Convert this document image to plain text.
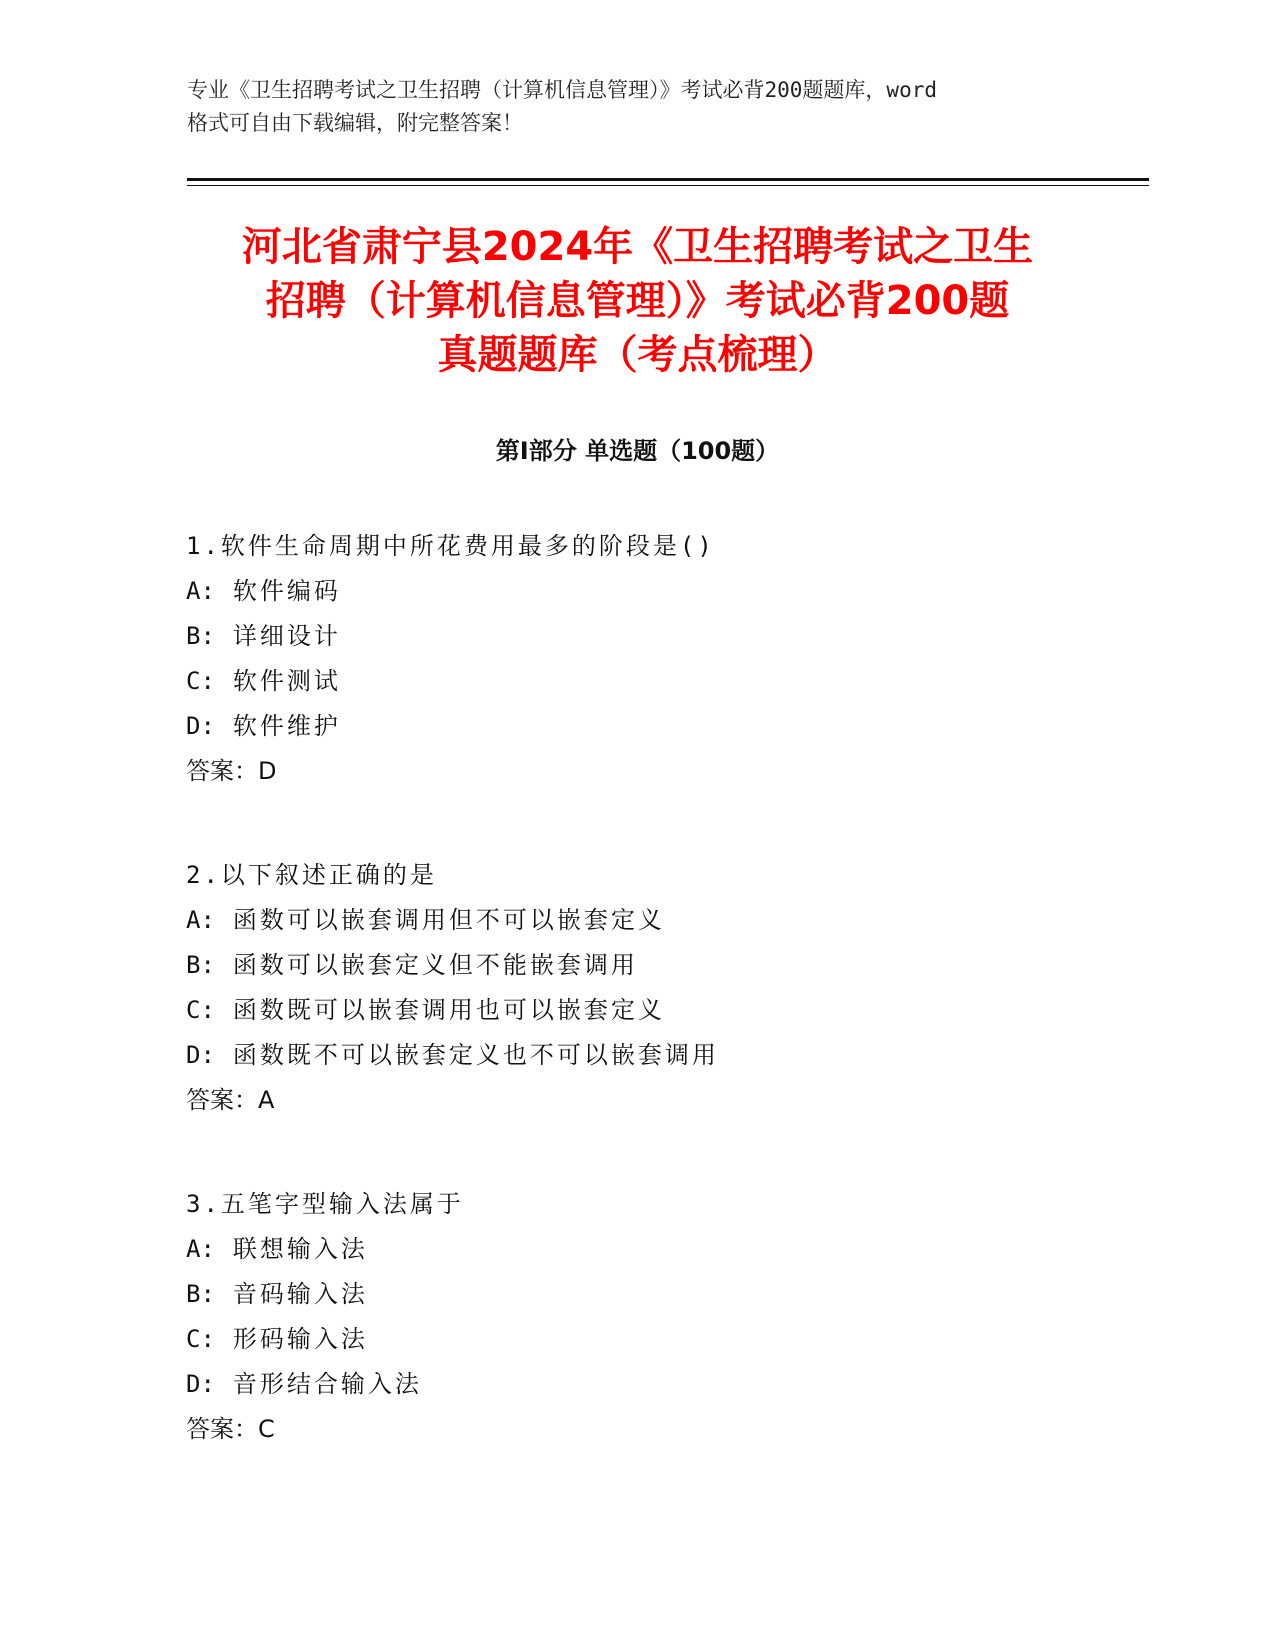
专业《卫生招聘考试之卫生招聘（计算机信息管理）》考试必背200题题库，word
格式可自由下载编辑，附完整答案！
河北省肃宁县2024年《卫生招聘考试之卫生
招聘（计算机信息管理）》考试必背200题
真题题库（考点梳理）
第Ⅰ部分 单选题（100题）
1.软件生命周期中所花费用最多的阶段是()
A: 软件编码
B: 详细设计
C: 软件测试
D: 软件维护
答案：D
2.以下叙述正确的是
A: 函数可以嵌套调用但不可以嵌套定义
B: 函数可以嵌套定义但不能嵌套调用
C: 函数既可以嵌套调用也可以嵌套定义
D: 函数既不可以嵌套定义也不可以嵌套调用
答案：A
3.五笔字型输入法属于
A: 联想输入法
B: 音码输入法
C: 形码输入法
D: 音形结合输入法
答案：C
